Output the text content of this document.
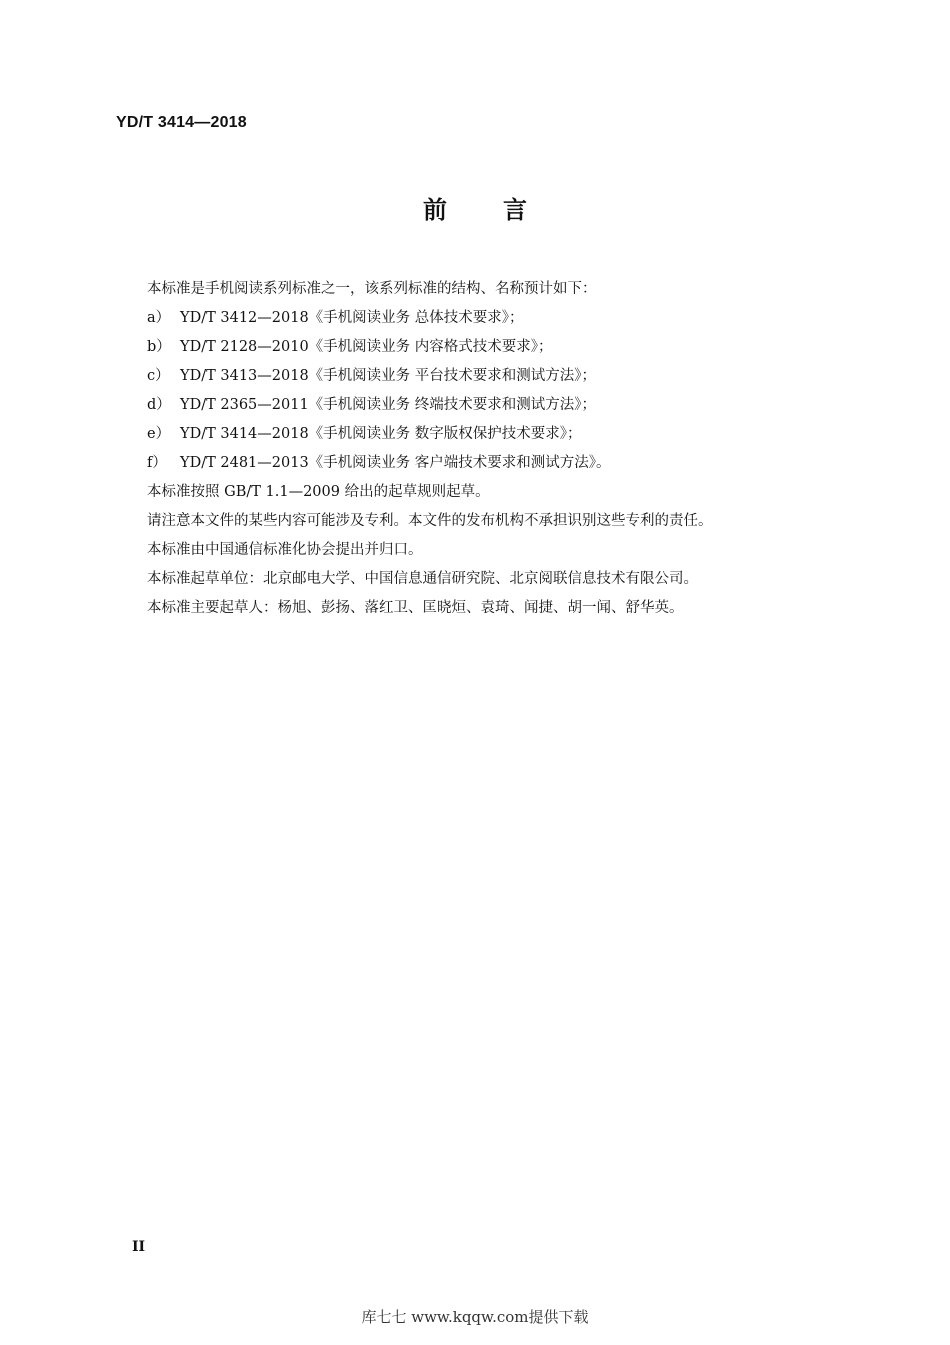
YD/T 3414—2018
前言
本标准是手机阅读系列标准之一，该系列标准的结构、名称预计如下：
a） YD/T 3412—2018《手机阅读业务 总体技术要求》；
b） YD/T 2128—2010《手机阅读业务 内容格式技术要求》；
c） YD/T 3413—2018《手机阅读业务 平台技术要求和测试方法》；
d） YD/T 2365—2011《手机阅读业务 终端技术要求和测试方法》；
e） YD/T 3414—2018《手机阅读业务 数字版权保护技术要求》；
f） YD/T 2481—2013《手机阅读业务 客户端技术要求和测试方法》。
本标准按照 GB/T 1.1—2009 给出的起草规则起草。
请注意本文件的某些内容可能涉及专利。本文件的发布机构不承担识别这些专利的责任。
本标准由中国通信标准化协会提出并归口。
本标准起草单位：北京邮电大学、中国信息通信研究院、北京阅联信息技术有限公司。
本标准主要起草人：杨旭、彭扬、落红卫、匡晓烜、袁琦、闻捷、胡一闻、舒华英。
II
库七七 www.kqqw.com提供下载
